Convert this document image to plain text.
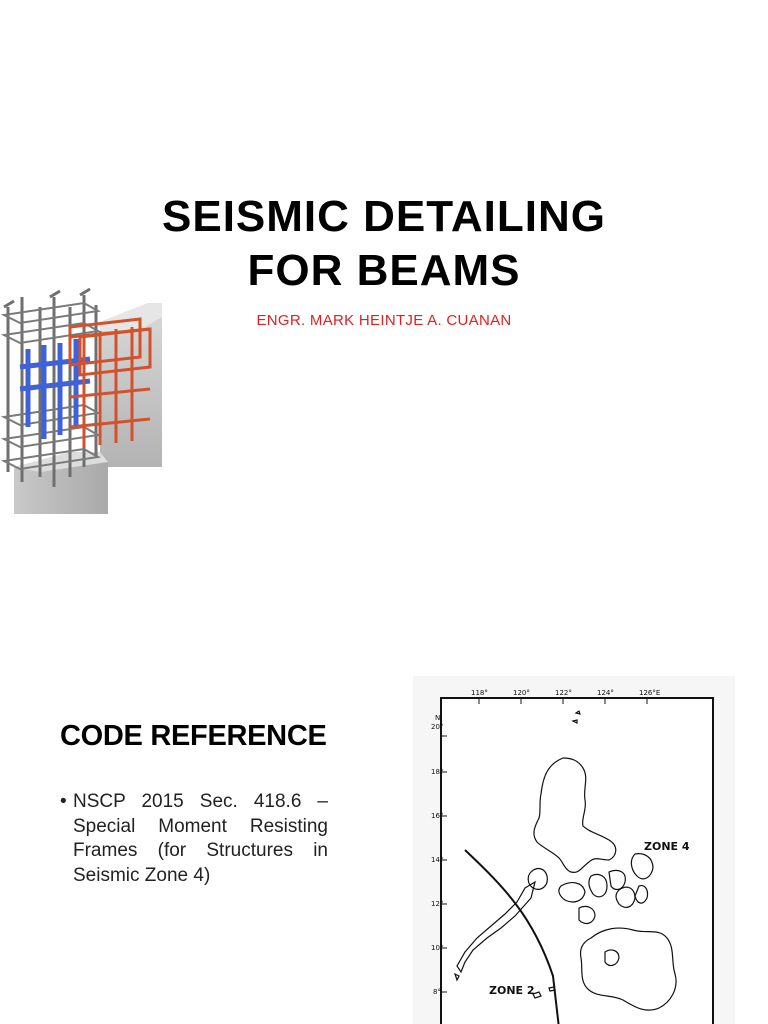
SEISMIC DETAILING
FOR BEAMS
ENGR. MARK HEINTJE A. CUANAN
CODE REFERENCE
• NSCP 2015 Sec. 418.6 – Special Moment Resisting Frames (for Structures in Seismic Zone 4)
118°	120°	122°	124°	126°E
N
20°
18°
16°
14°
12°
10°
8°
ZONE 4
ZONE 2
